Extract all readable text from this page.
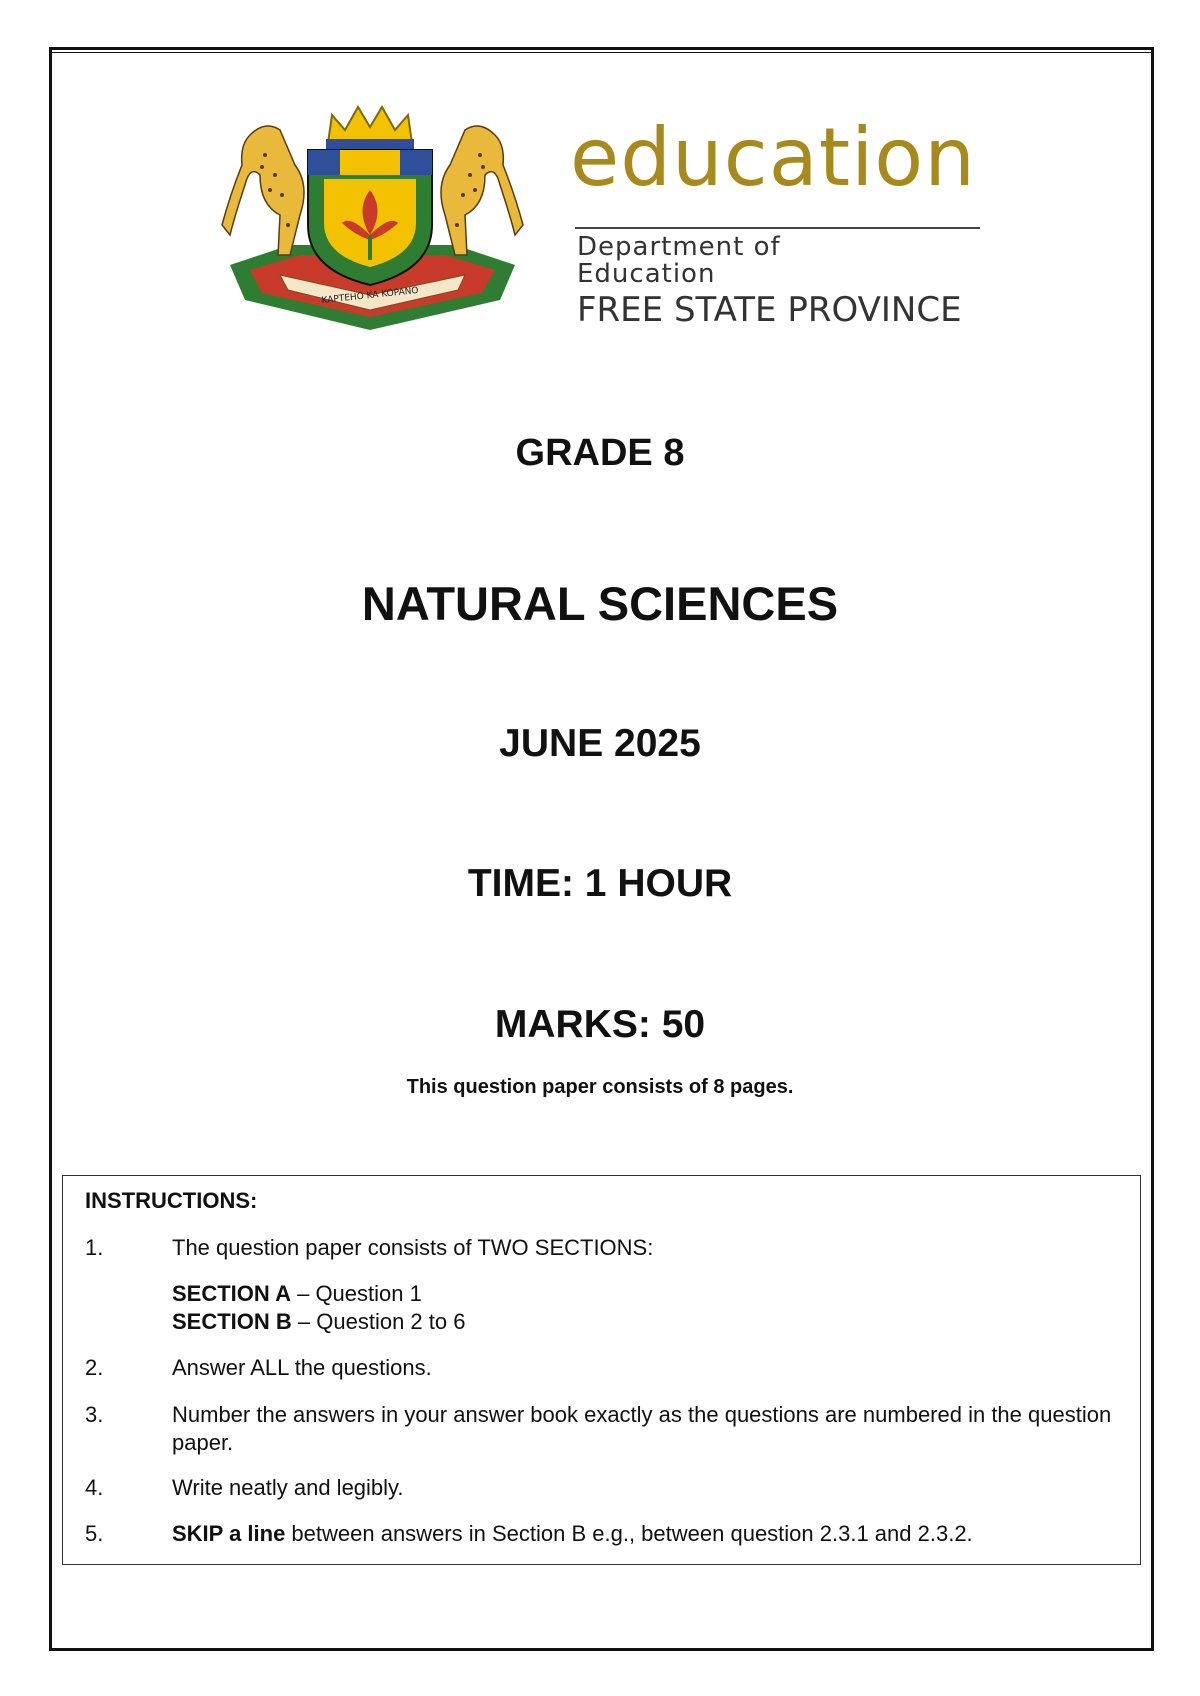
KAPTEHO KA KOPANO
education
Department of
Education
FREE STATE PROVINCE
GRADE 8
NATURAL SCIENCES
JUNE 2025
TIME: 1 HOUR
MARKS: 50
This question paper consists of 8 pages.
INSTRUCTIONS:
1.	The question paper consists of TWO SECTIONS:
SECTION A – Question 1
SECTION B – Question 2 to 6
2.	Answer ALL the questions.
3.	Number the answers in your answer book exactly as the questions are numbered in the question paper.
4.	Write neatly and legibly.
5.	SKIP a line between answers in Section B e.g., between question 2.3.1 and 2.3.2.
